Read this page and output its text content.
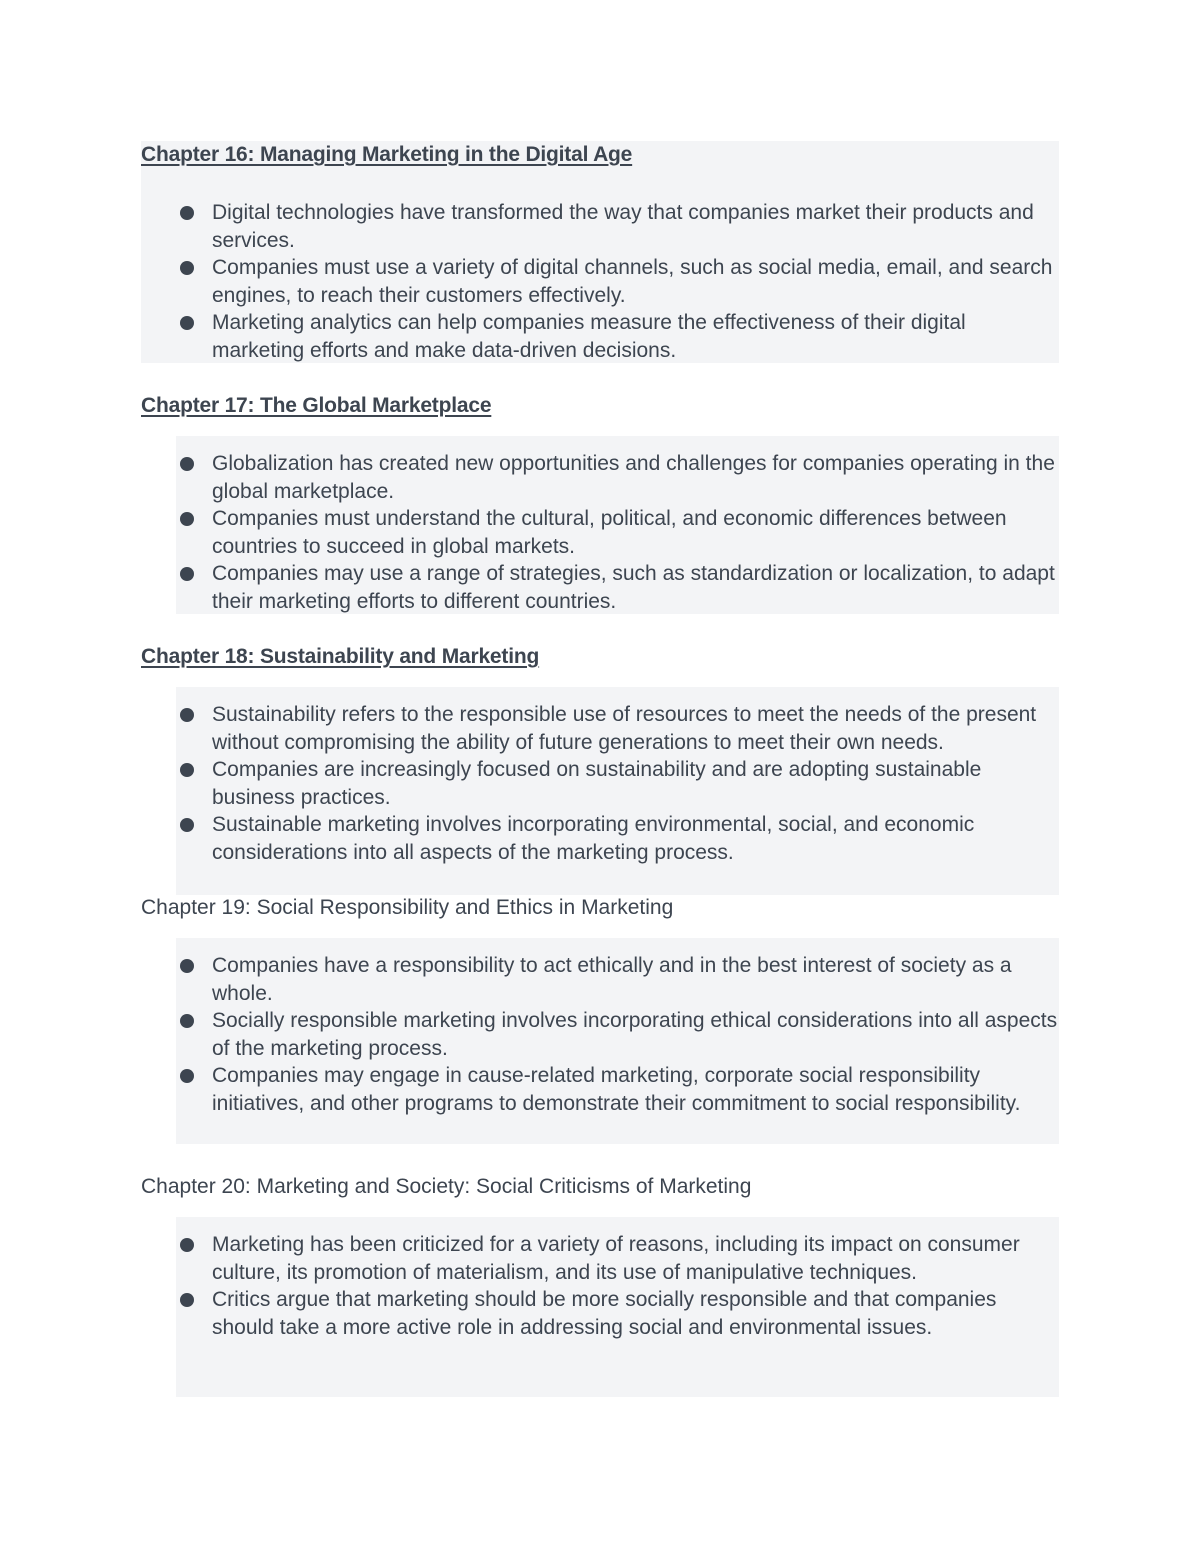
Chapter 16: Managing Marketing in the Digital Age
Digital technologies have transformed the way that companies market their products and services.
Companies must use a variety of digital channels, such as social media, email, and search engines, to reach their customers effectively.
Marketing analytics can help companies measure the effectiveness of their digital marketing efforts and make data-driven decisions.
Chapter 17: The Global Marketplace
Globalization has created new opportunities and challenges for companies operating in the global marketplace.
Companies must understand the cultural, political, and economic differences between countries to succeed in global markets.
Companies may use a range of strategies, such as standardization or localization, to adapt their marketing efforts to different countries.
Chapter 18: Sustainability and Marketing
Sustainability refers to the responsible use of resources to meet the needs of the present without compromising the ability of future generations to meet their own needs.
Companies are increasingly focused on sustainability and are adopting sustainable business practices.
Sustainable marketing involves incorporating environmental, social, and economic considerations into all aspects of the marketing process.
Chapter 19: Social Responsibility and Ethics in Marketing
Companies have a responsibility to act ethically and in the best interest of society as a whole.
Socially responsible marketing involves incorporating ethical considerations into all aspects of the marketing process.
Companies may engage in cause-related marketing, corporate social responsibility initiatives, and other programs to demonstrate their commitment to social responsibility.
Chapter 20: Marketing and Society: Social Criticisms of Marketing
Marketing has been criticized for a variety of reasons, including its impact on consumer culture, its promotion of materialism, and its use of manipulative techniques.
Critics argue that marketing should be more socially responsible and that companies should take a more active role in addressing social and environmental issues.
